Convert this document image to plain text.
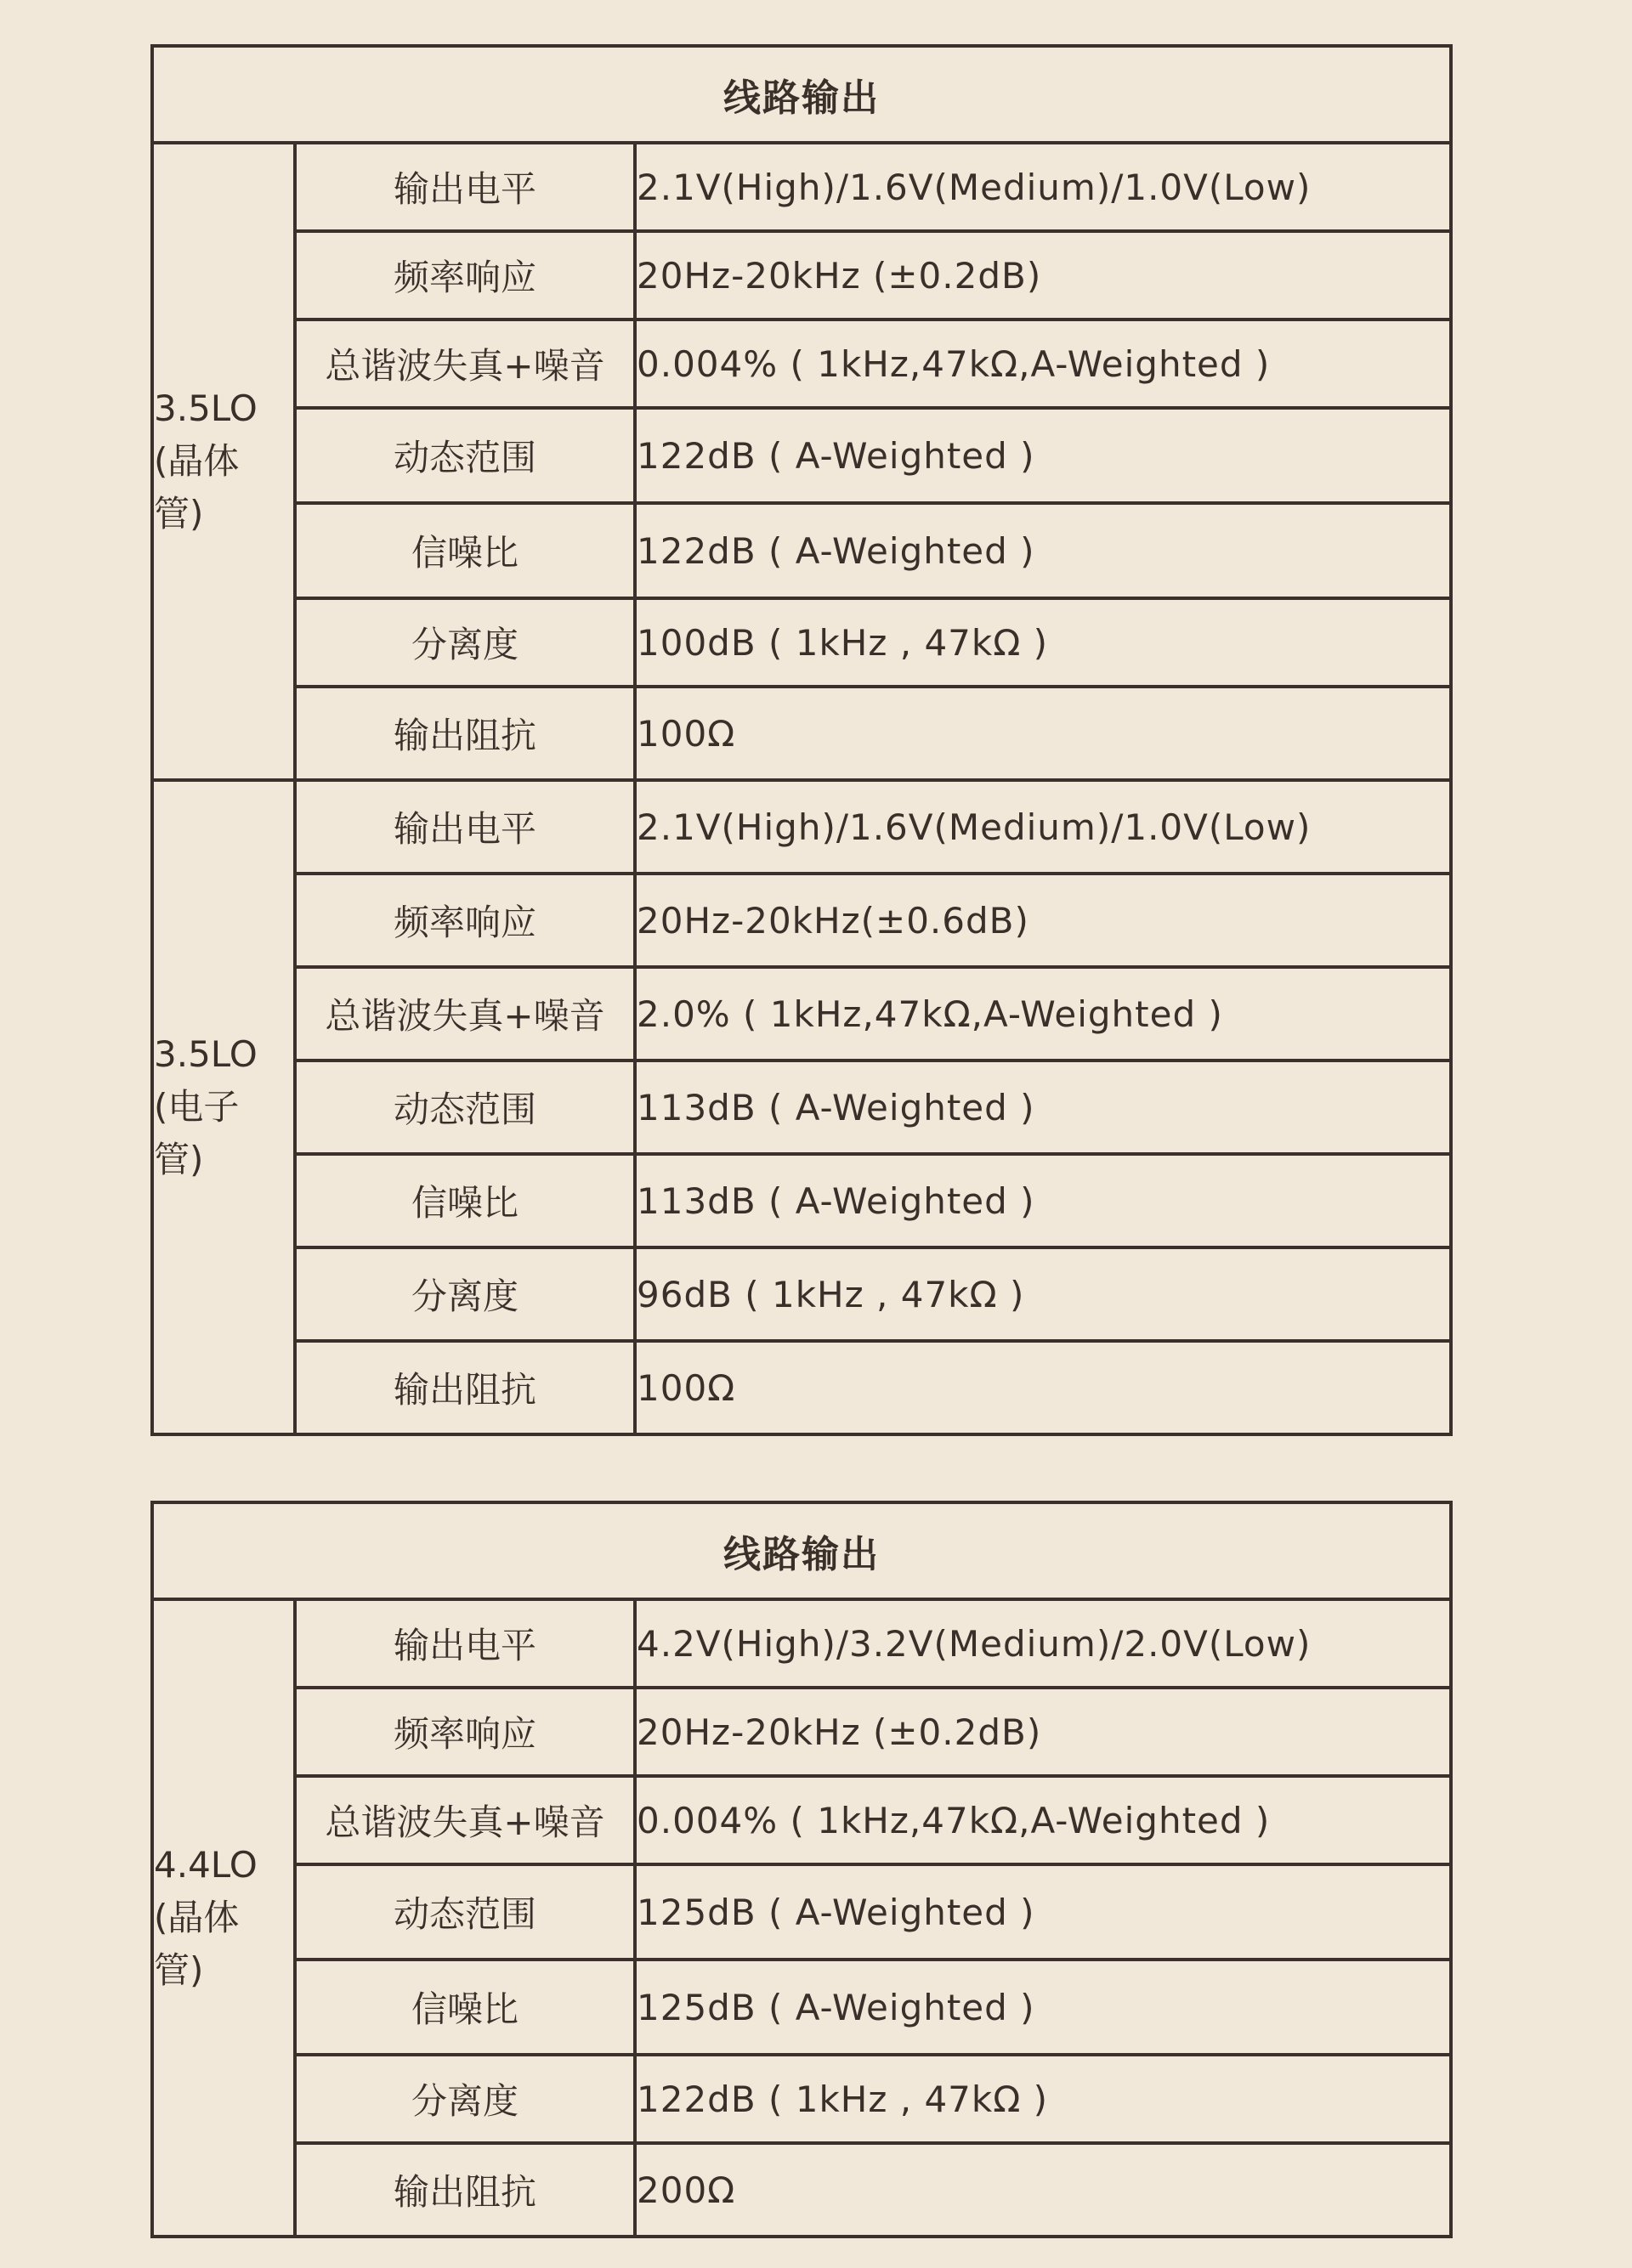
线路输出		

3.5LO
(晶体
管)	输出电平	2.1V(High)/1.6V(Medium)/1.0V(Low)
	频率响应	20Hz-20kHz (±0.2dB)
	总谐波失真+噪音	0.004% ( 1kHz,47kΩ,A-Weighted )
	动态范围	122dB ( A-Weighted )
	信噪比	122dB ( A-Weighted )
	分离度	100dB ( 1kHz , 47kΩ )
	输出阻抗	100Ω

3.5LO
(电子
管)	输出电平	2.1V(High)/1.6V(Medium)/1.0V(Low)
	频率响应	20Hz-20kHz(±0.6dB)
	总谐波失真+噪音	2.0% ( 1kHz,47kΩ,A-Weighted )
	动态范围	113dB ( A-Weighted )
	信噪比	113dB ( A-Weighted )
	分离度	96dB ( 1kHz , 47kΩ )
	输出阻抗	100Ω
线路输出		

4.4LO
(晶体
管)	输出电平	4.2V(High)/3.2V(Medium)/2.0V(Low)
	频率响应	20Hz-20kHz (±0.2dB)
	总谐波失真+噪音	0.004% ( 1kHz,47kΩ,A-Weighted )
	动态范围	125dB ( A-Weighted )
	信噪比	125dB ( A-Weighted )
	分离度	122dB ( 1kHz , 47kΩ )
	输出阻抗	200Ω
